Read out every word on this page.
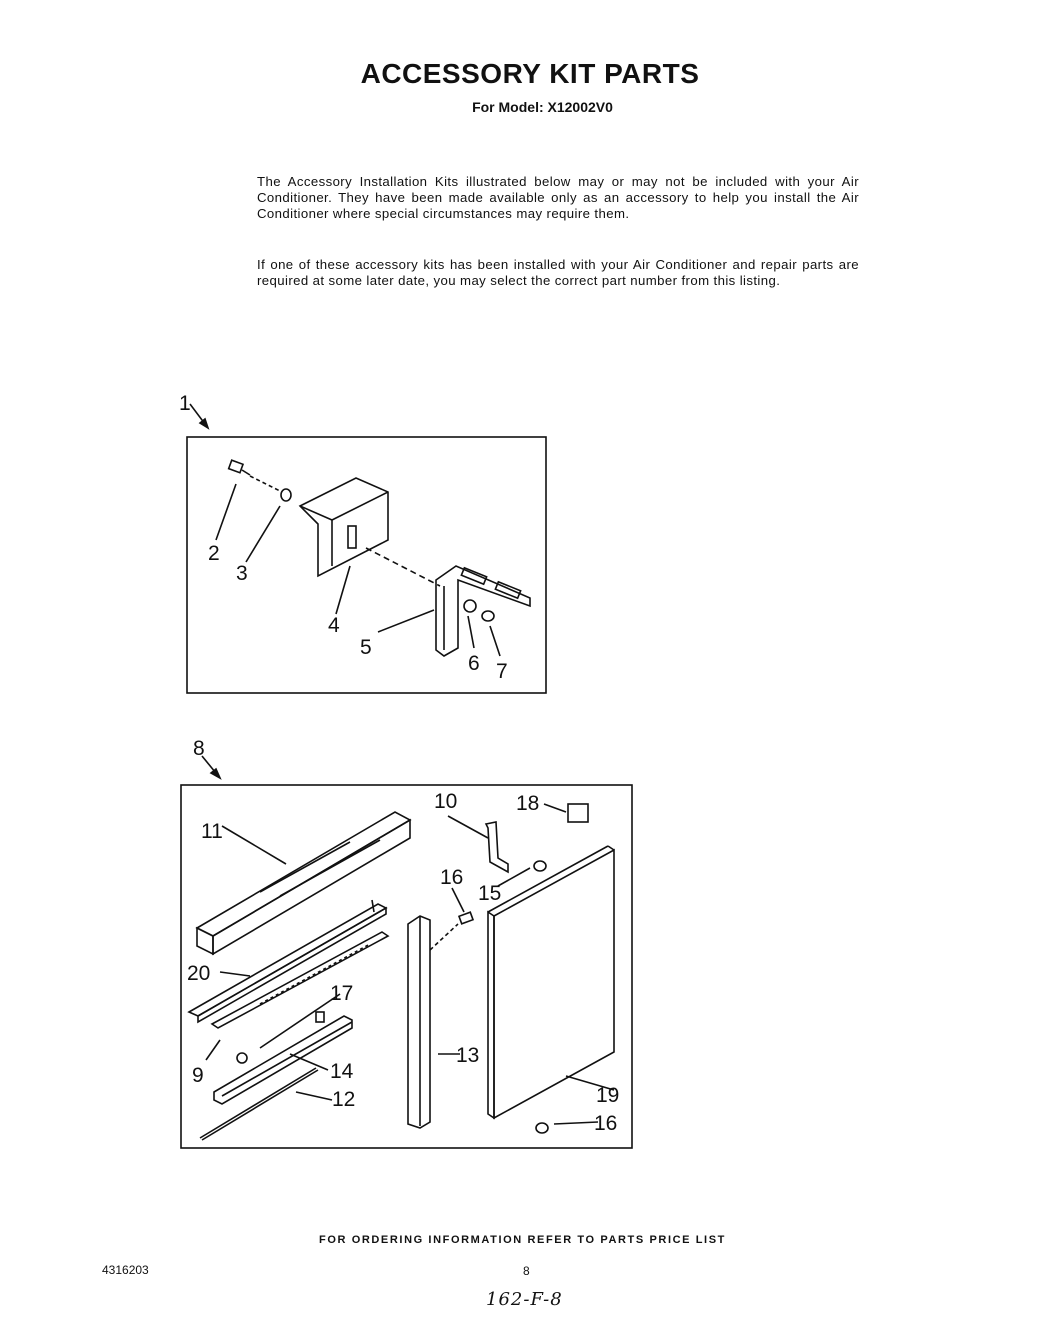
ACCESSORY KIT PARTS
For Model: X12002V0

The Accessory Installation Kits illustrated below may or may not be included with your Air Conditioner. They have been made available only as an accessory to help you install the Air Conditioner where special circumstances may require them.

If one of these accessory kits has been installed with your Air Conditioner and repair parts are required at some later date, you may select the correct part number from this listing.

1
2
3
4
5
6 7
8
10	18
11
16
15
20
17
9	14
13
12	19
16
FOR ORDERING INFORMATION REFER TO PARTS PRICE LIST
4316203	8
162-F-8
